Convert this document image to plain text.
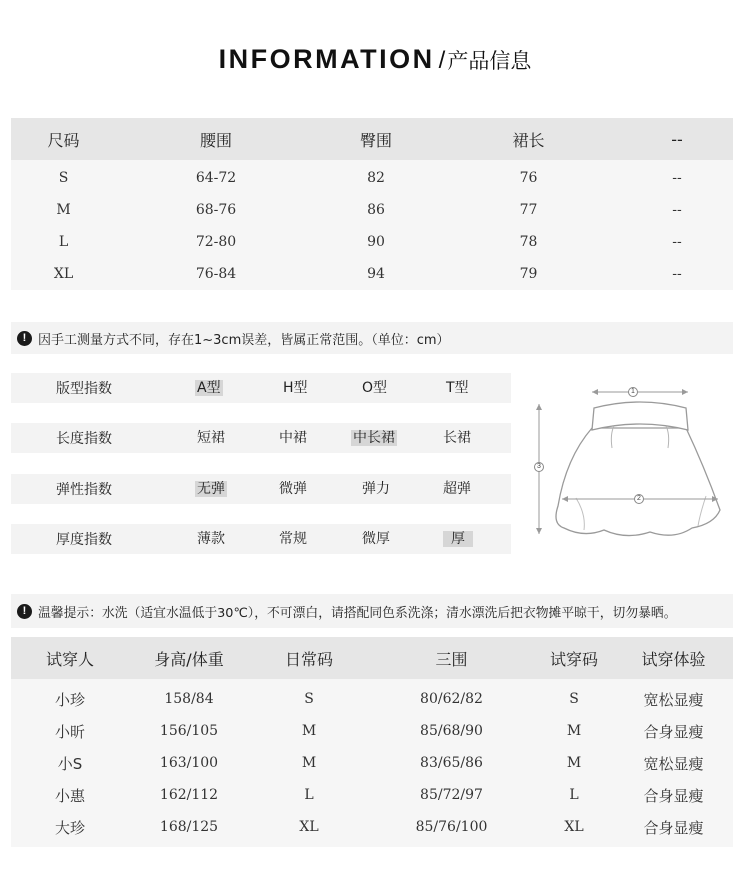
INFORMATION /产品信息
尺码	腰围	臀围	裙长	--
S	64-72	82	76	--
M	68-76	86	77	--
L	72-80	90	78	--
XL	76-84	94	79	--
! 因手工测量方式不同，存在1~3cm误差，皆属正常范围。（单位：cm）
版型指数	A型	H型	O型	T型
长度指数	短裙	中裙	中长裙	长裙
弹性指数	无弹	微弹	弹力	超弹
厚度指数	薄款	常规	微厚	厚
1
2
3
! 温馨提示：水洗（适宜水温低于30℃），不可漂白，请搭配同色系洗涤；清水漂洗后把衣物摊平晾干，切勿暴晒。
试穿人	身高/体重	日常码	三围	试穿码	试穿体验
小珍	158/84	S	80/62/82	S	宽松显瘦
小昕	156/105	M	85/68/90	M	合身显瘦
小S	163/100	M	83/65/86	M	宽松显瘦
小惠	162/112	L	85/72/97	L	合身显瘦
大珍	168/125	XL	85/76/100	XL	合身显瘦
